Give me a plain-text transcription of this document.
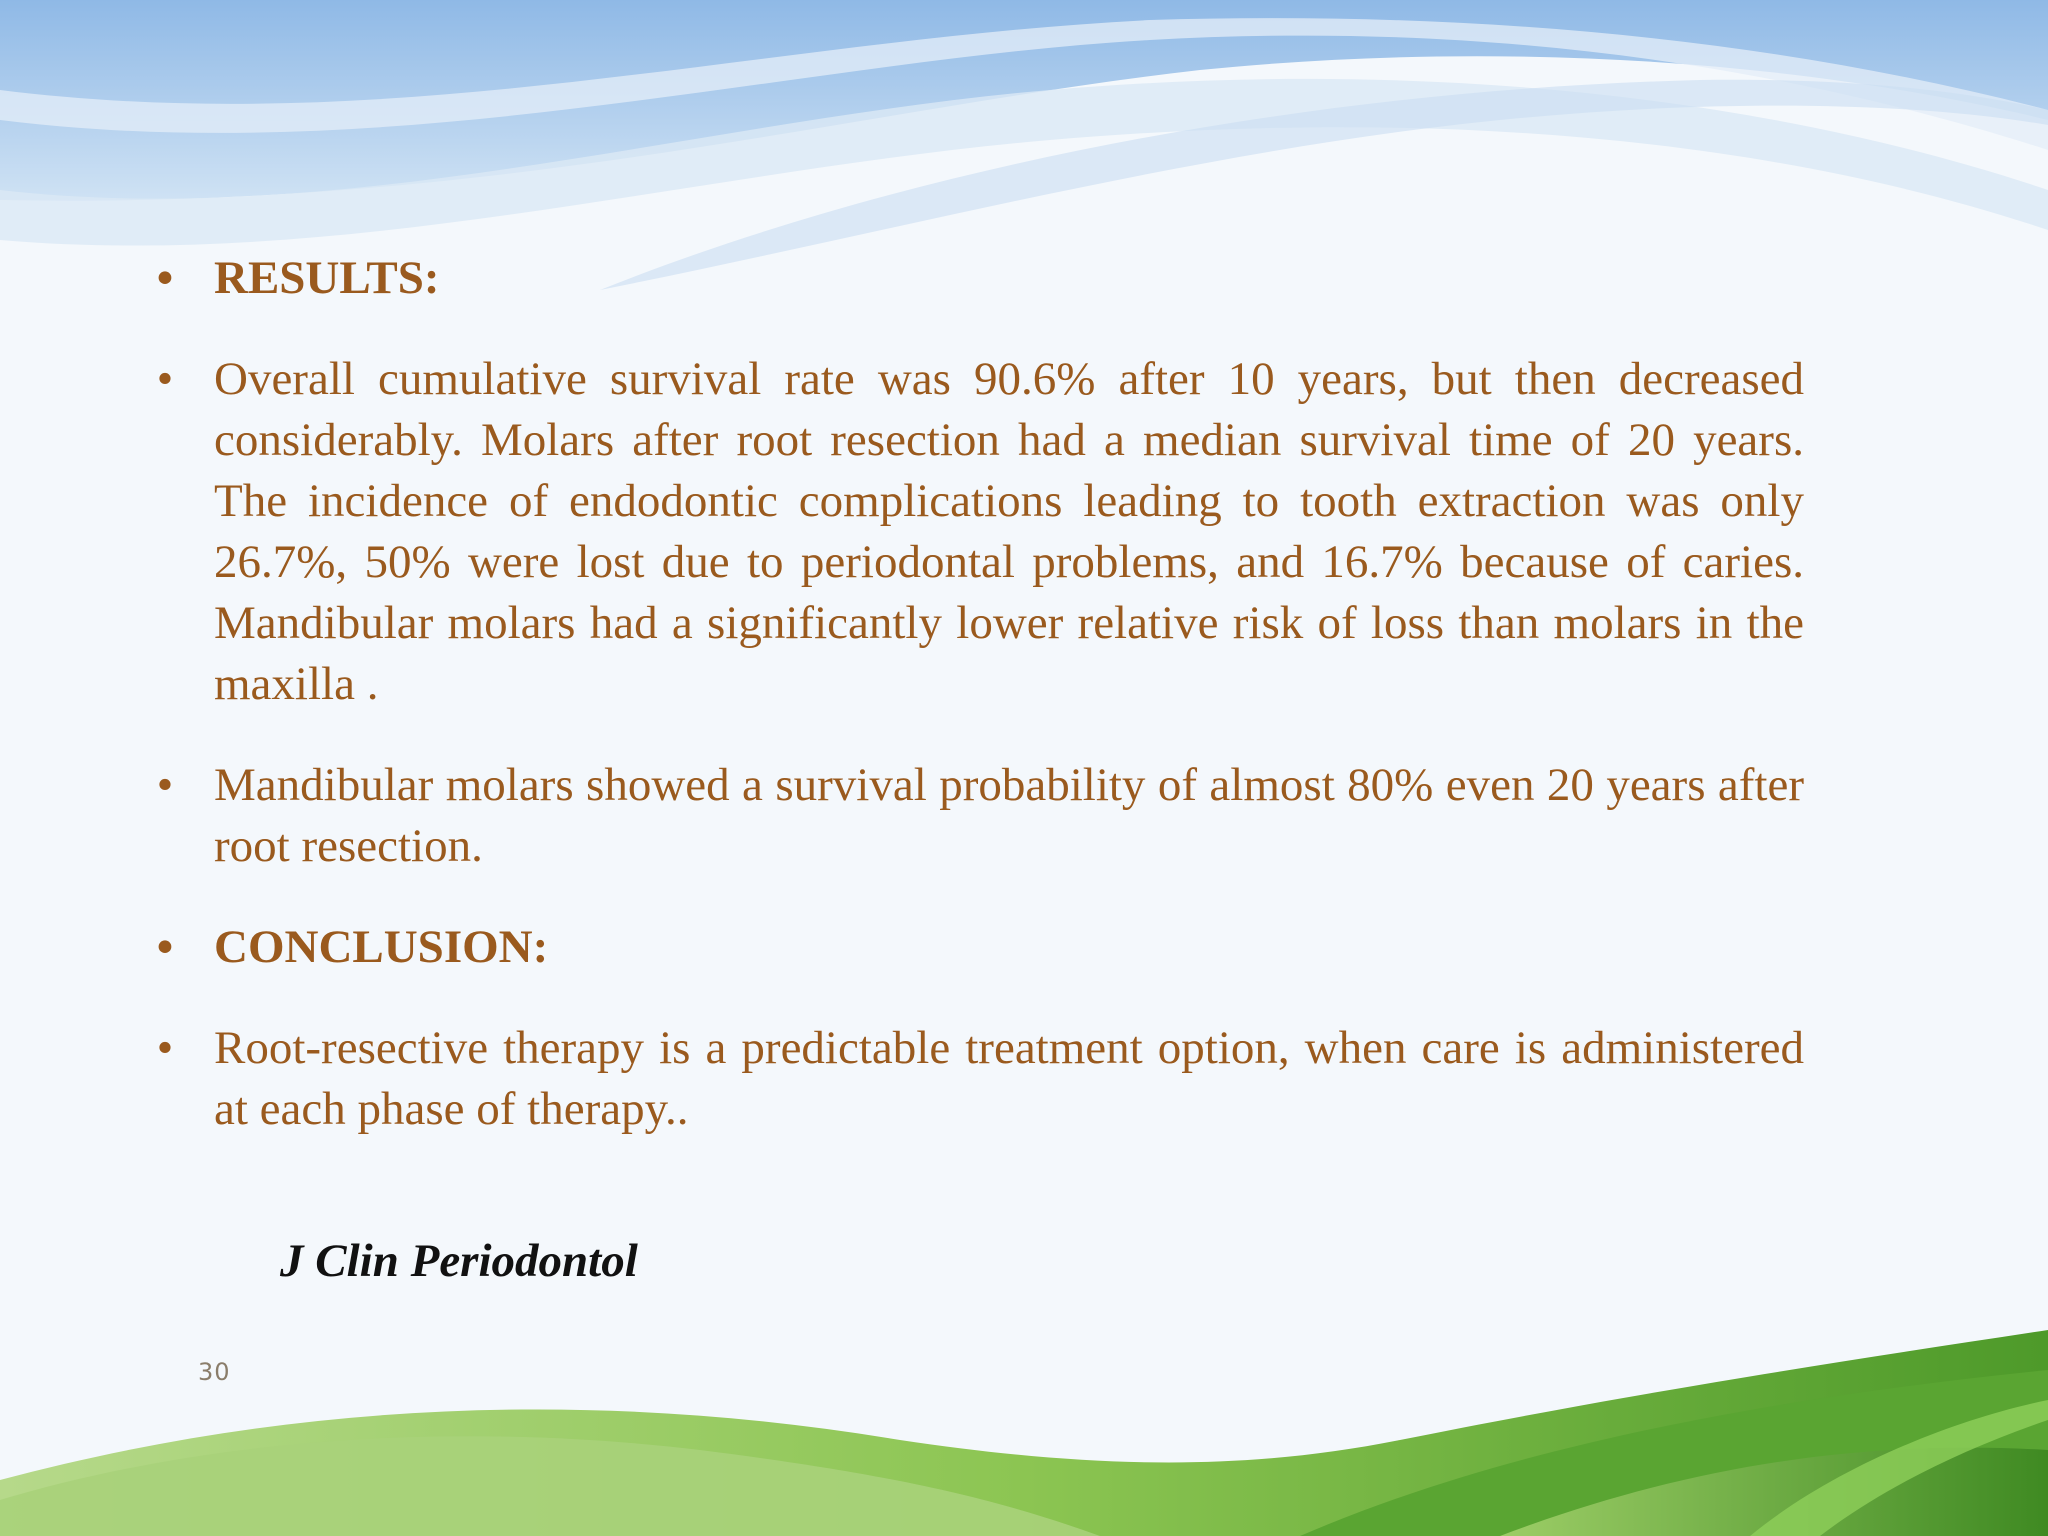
• RESULTS:
• Overall cumulative survival rate was 90.6% after 10 years, but then decreased considerably. Molars after root resection had a median survival time of 20 years. The incidence of endodontic complications leading to tooth extraction was only 26.7%, 50% were lost due to periodontal problems, and 16.7% because of caries. Mandibular molars had a significantly lower relative risk of loss than molars in the maxilla .
• Mandibular molars showed a survival probability of almost 80% even 20 years after root resection.
• CONCLUSION:
• Root-resective therapy is a predictable treatment option, when care is administered at each phase of therapy..
J Clin Periodontol
30
